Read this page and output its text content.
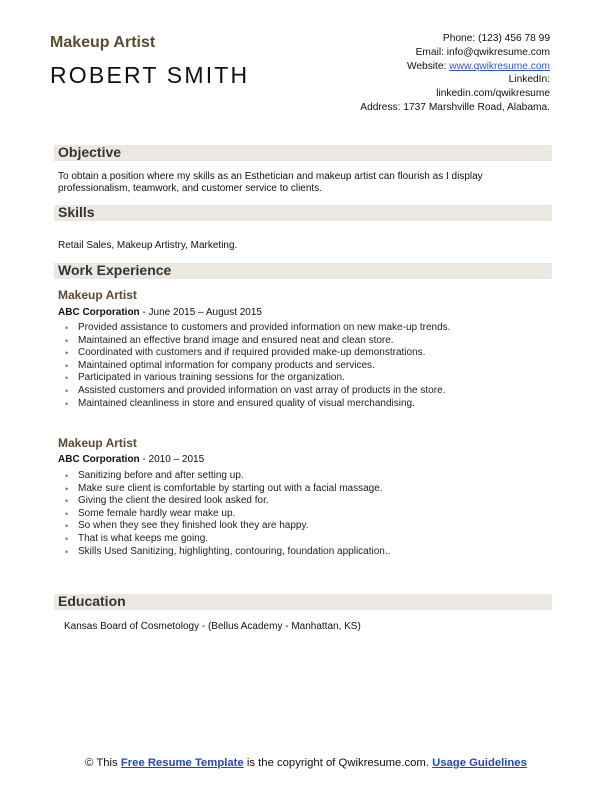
Makeup Artist
ROBERT SMITH
Phone: (123) 456 78 99
Email: info@qwikresume.com
Website: www.qwikresume.com
LinkedIn:
linkedin.com/qwikresume
Address: 1737 Marshville Road, Alabama.
Objective
To obtain a position where my skills as an Esthetician and makeup artist can flourish as I display professionalism, teamwork, and customer service to clients.
Skills
Retail Sales, Makeup Artistry, Marketing.
Work Experience
Makeup Artist
ABC Corporation - June 2015 – August 2015
• Provided assistance to customers and provided information on new make-up trends.
• Maintained an effective brand image and ensured neat and clean store.
• Coordinated with customers and if required provided make-up demonstrations.
• Maintained optimal information for company products and services.
• Participated in various training sessions for the organization.
• Assisted customers and provided information on vast array of products in the store.
• Maintained cleanliness in store and ensured quality of visual merchandising.
Makeup Artist
ABC Corporation - 2010 – 2015
• Sanitizing before and after setting up.
• Make sure client is comfortable by starting out with a facial massage.
• Giving the client the desired look asked for.
• Some female hardly wear make up.
• So when they see they finished look they are happy.
• That is what keeps me going.
• Skills Used Sanitizing, highlighting, contouring, foundation application..
Education
Kansas Board of Cosmetology - (Bellus Academy - Manhattan, KS)
© This Free Resume Template is the copyright of Qwikresume.com. Usage Guidelines
